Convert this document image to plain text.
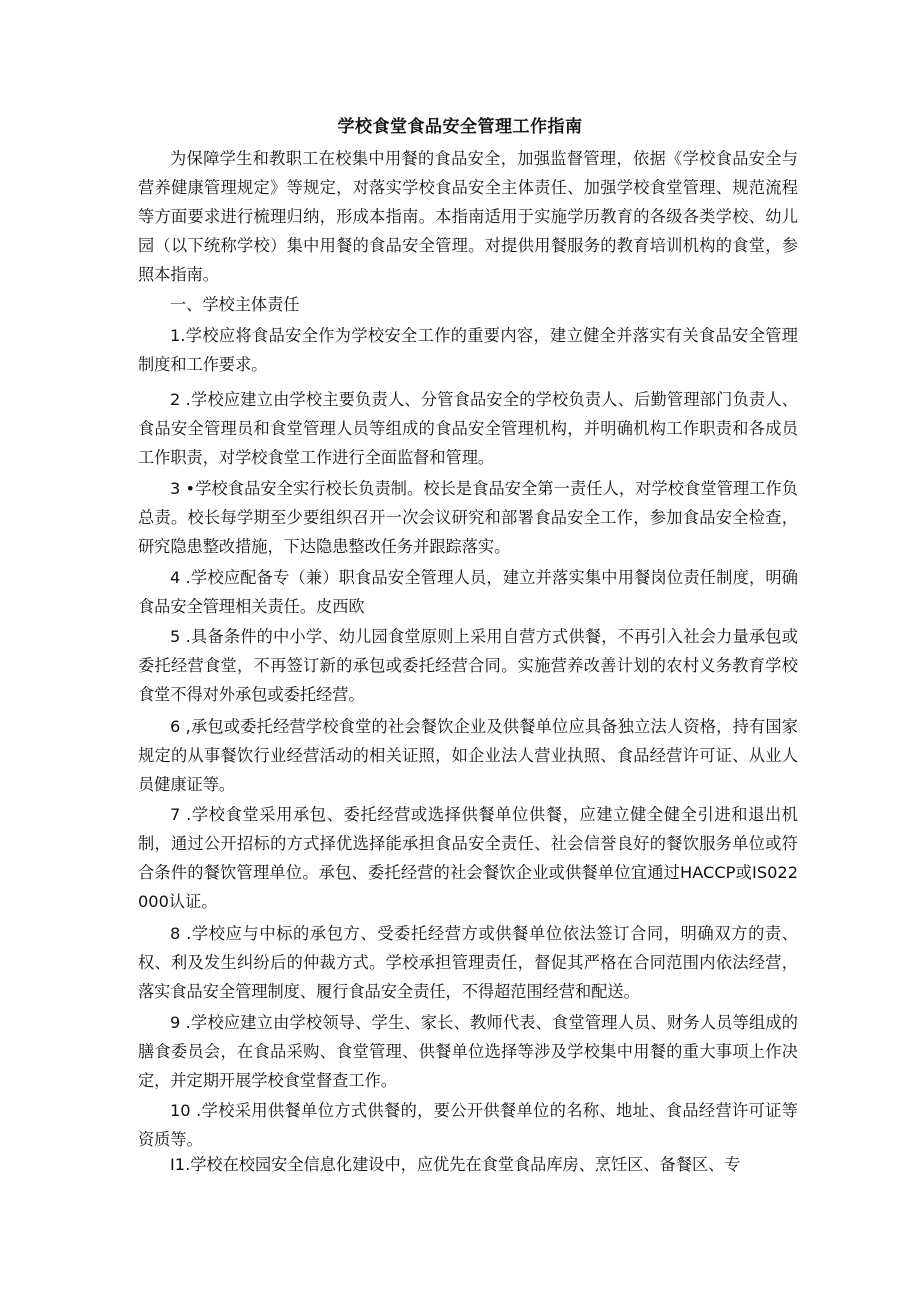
学校食堂食品安全管理工作指南

为保障学生和教职工在校集中用餐的食品安全，加强监督管理，依据《学校食品安全与营养健康管理规定》等规定，对落实学校食品安全主体责任、加强学校食堂管理、规范流程等方面要求进行梳理归纳，形成本指南。本指南适用于实施学历教育的各级各类学校、幼儿园（以下统称学校）集中用餐的食品安全管理。对提供用餐服务的教育培训机构的食堂，参照本指南。

一、学校主体责任

1.学校应将食品安全作为学校安全工作的重要内容，建立健全并落实有关食品安全管理制度和工作要求。

2 .学校应建立由学校主要负责人、分管食品安全的学校负责人、后勤管理部门负责人、食品安全管理员和食堂管理人员等组成的食品安全管理机构，并明确机构工作职责和各成员工作职责，对学校食堂工作进行全面监督和管理。

3 •学校食品安全实行校长负责制。校长是食品安全第一责任人，对学校食堂管理工作负总责。校长每学期至少要组织召开一次会议研究和部署食品安全工作，参加食品安全检查，研究隐患整改措施，下达隐患整改任务并跟踪落实。

4 .学校应配备专（兼）职食品安全管理人员，建立并落实集中用餐岗位责任制度，明确食品安全管理相关责任。皮西欧

5 .具备条件的中小学、幼儿园食堂原则上采用自营方式供餐，不再引入社会力量承包或委托经营食堂，不再签订新的承包或委托经营合同。实施营养改善计划的农村义务教育学校食堂不得对外承包或委托经营。

6 ,承包或委托经营学校食堂的社会餐饮企业及供餐单位应具备独立法人资格，持有国家规定的从事餐饮行业经营活动的相关证照，如企业法人营业执照、食品经营许可证、从业人员健康证等。

7 .学校食堂采用承包、委托经营或选择供餐单位供餐，应建立健全健全引进和退出机制，通过公开招标的方式择优选择能承担食品安全责任、社会信誉良好的餐饮服务单位或符合条件的餐饮管理单位。承包、委托经营的社会餐饮企业或供餐单位宜通过HACCP或IS022000认证。

8 .学校应与中标的承包方、受委托经营方或供餐单位依法签订合同，明确双方的责、权、利及发生纠纷后的仲裁方式。学校承担管理责任，督促其严格在合同范围内依法经营，落实食品安全管理制度、履行食品安全责任，不得超范围经营和配送。

9 .学校应建立由学校领导、学生、家长、教师代表、食堂管理人员、财务人员等组成的膳食委员会，在食品采购、食堂管理、供餐单位选择等涉及学校集中用餐的重大事项上作决定，并定期开展学校食堂督查工作。

10 .学校采用供餐单位方式供餐的，要公开供餐单位的名称、地址、食品经营许可证等资质等。

I1.学校在校园安全信息化建设中，应优先在食堂食品库房、烹饪区、备餐区、专
